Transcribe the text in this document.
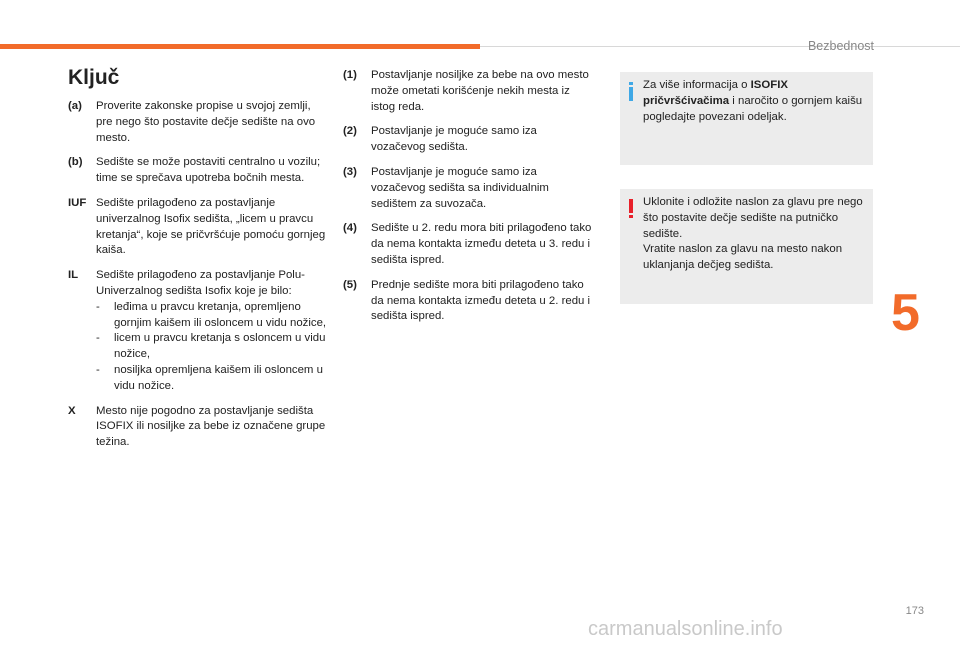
Bezbednost
Ključ
(a)	Proverite zakonske propise u svojoj zemlji, pre nego što postavite dečje sedište na ovo mesto.
(b)	Sedište se može postaviti centralno u vozilu; time se sprečava upotreba bočnih mesta.
IUF Sedište prilagođeno za postavljanje univerzalnog Isofix sedišta, „licem u pravcu kretanja“, koje se pričvršćuje pomoću gornjeg kaiša.
IL	Sedište prilagođeno za postavljanje Polu-Univerzalnog sedišta Isofix koje je bilo:
-	leđima u pravcu kretanja, opremljeno gornjim kaišem ili osloncem u vidu nožice,
-	licem u pravcu kretanja s osloncem u vidu nožice,
-	nosiljka opremljena kaišem ili osloncem u vidu nožice.
X	Mesto nije pogodno za postavljanje sedišta ISOFIX ili nosiljke za bebe iz označene grupe težina.
(1)	Postavljanje nosiljke za bebe na ovo mesto može ometati korišćenje nekih mesta iz istog reda.
(2)	Postavljanje je moguće samo iza vozačevog sedišta.
(3)	Postavljanje je moguće samo iza vozačevog sedišta sa individualnim sedištem za suvozača.
(4)	Sedište u 2. redu mora biti prilagođeno tako da nema kontakta između deteta u 3. redu i sedišta ispred.
(5)	Prednje sedište mora biti prilagođeno tako da nema kontakta između deteta u 2. redu i sedišta ispred.
Za više informacija o ISOFIX pričvršćivačima i naročito o gornjem kaišu pogledajte povezani odeljak.
Uklonite i odložite naslon za glavu pre nego što postavite dečje sedište na putničko sedište.
Vratite naslon za glavu na mesto nakon uklanjanja dečjeg sedišta.
5
173
carmanualsonline.info
